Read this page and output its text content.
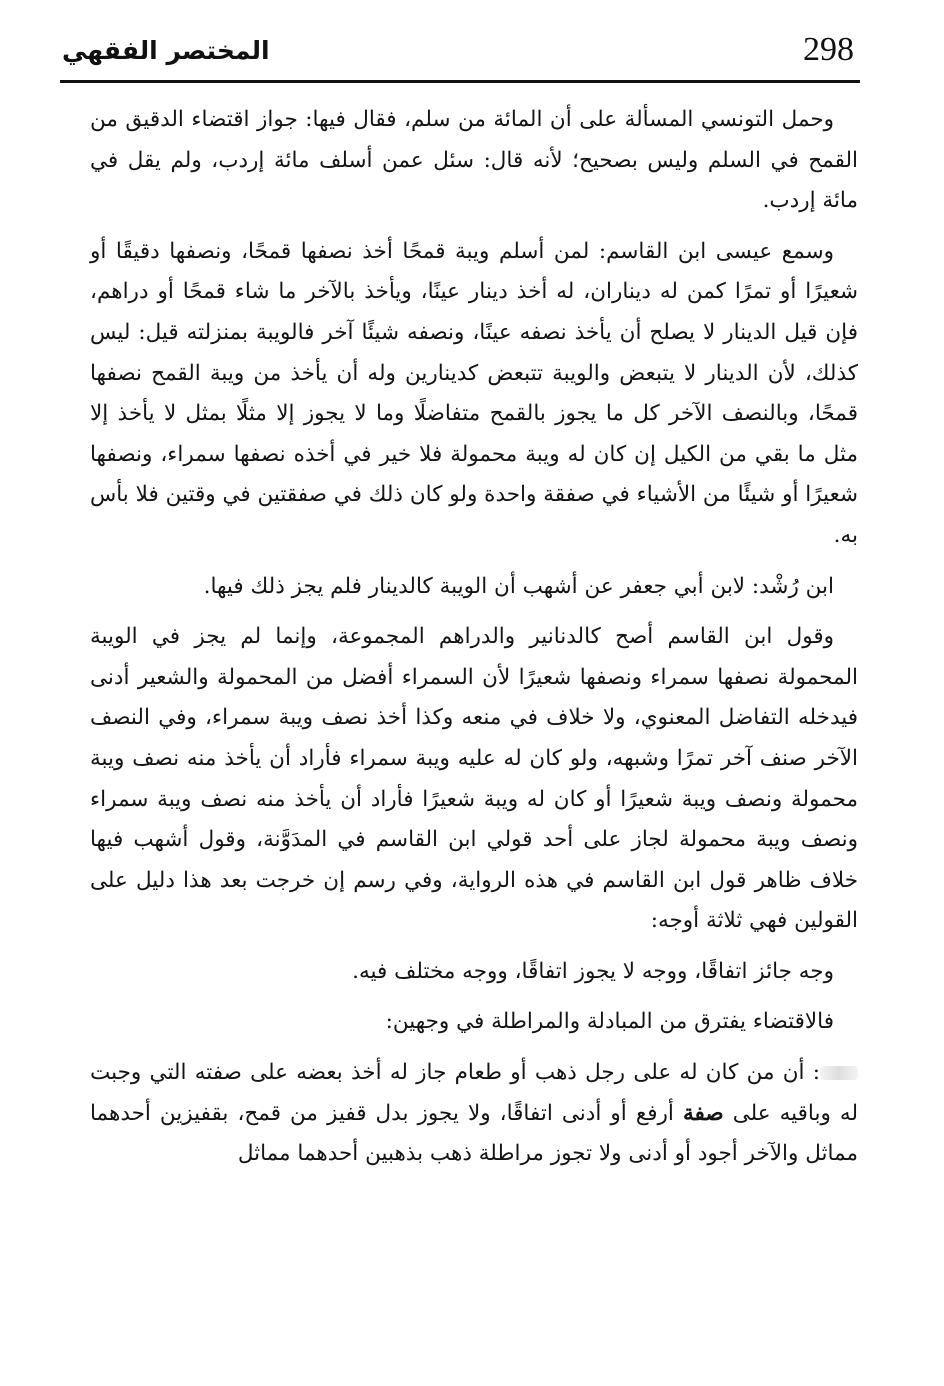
298
المختصر الفقهي

وحمل التونسي المسألة على أن المائة من سلم، فقال فيها: جواز اقتضاء الدقيق من القمح في السلم وليس بصحيح؛ لأنه قال: سئل عمن أسلف مائة إردب، ولم يقل في مائة إردب.

وسمع عيسى ابن القاسم: لمن أسلم ويبة قمحًا أخذ نصفها قمحًا، ونصفها دقيقًا أو شعيرًا أو تمرًا كمن له ديناران، له أخذ دينار عينًا، ويأخذ بالآخر ما شاء قمحًا أو دراهم، فإن قيل الدينار لا يصلح أن يأخذ نصفه عينًا، ونصفه شيئًا آخر فالويبة بمنزلته قيل: ليس كذلك، لأن الدينار لا يتبعض والويبة تتبعض كدينارين وله أن يأخذ من ويبة القمح نصفها قمحًا، وبالنصف الآخر كل ما يجوز بالقمح متفاضلًا وما لا يجوز إلا مثلًا بمثل لا يأخذ إلا مثل ما بقي من الكيل إن كان له ويبة محمولة فلا خير في أخذه نصفها سمراء، ونصفها شعيرًا أو شيئًا من الأشياء في صفقة واحدة ولو كان ذلك في صفقتين في وقتين فلا بأس به.

ابن رُشْد: لابن أبي جعفر عن أشهب أن الويبة كالدينار فلم يجز ذلك فيها.

وقول ابن القاسم أصح كالدنانير والدراهم المجموعة، وإنما لم يجز في الويبة المحمولة نصفها سمراء ونصفها شعيرًا لأن السمراء أفضل من المحمولة والشعير أدنى فيدخله التفاضل المعنوي، ولا خلاف في منعه وكذا أخذ نصف ويبة سمراء، وفي النصف الآخر صنف آخر تمرًا وشبهه، ولو كان له عليه ويبة سمراء فأراد أن يأخذ منه نصف ويبة محمولة ونصف ويبة شعيرًا أو كان له ويبة شعيرًا فأراد أن يأخذ منه نصف ويبة سمراء ونصف ويبة محمولة لجاز على أحد قولي ابن القاسم في المدَوَّنة، وقول أشهب فيها خلاف ظاهر قول ابن القاسم في هذه الرواية، وفي رسم إن خرجت بعد هذا دليل على القولين فهي ثلاثة أوجه:

وجه جائز اتفاقًا، ووجه لا يجوز اتفاقًا، ووجه مختلف فيه.

فالاقتضاء يفترق من المبادلة والمراطلة في وجهين:

: أن من كان له على رجل ذهب أو طعام جاز له أخذ بعضه على صفته التي وجبت له وباقيه على صفة أرفع أو أدنى اتفاقًا، ولا يجوز بدل قفيز من قمح، بقفيزين أحدهما مماثل والآخر أجود أو أدنى ولا تجوز مراطلة ذهب بذهبين أحدهما مماثل
